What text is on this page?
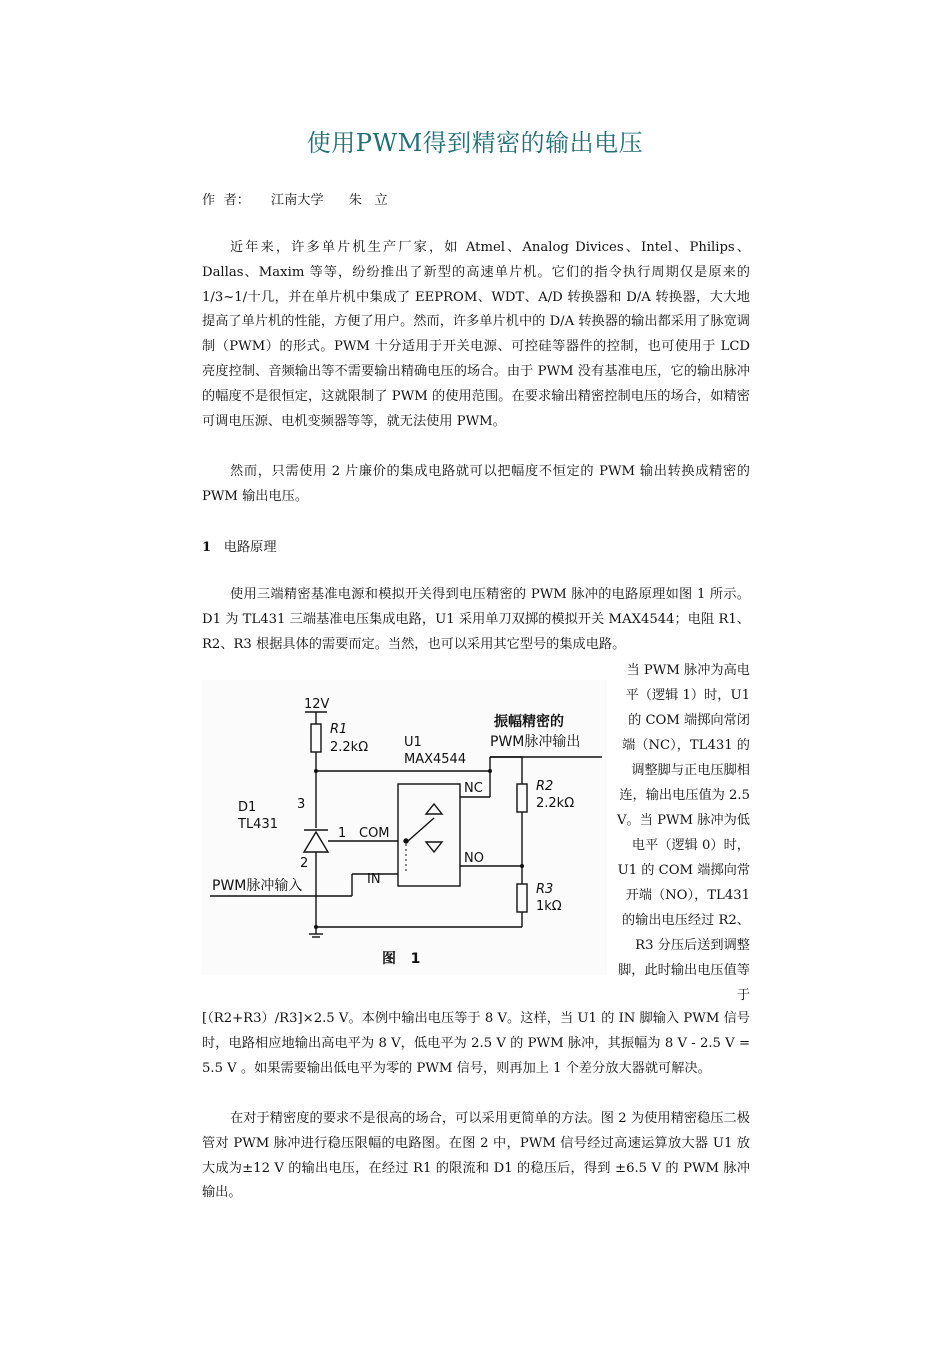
使用PWM得到精密的输出电压
作  者：     江南大学      朱   立

近年来，许多单片机生产厂家，如 Atmel、Analog Divices、Intel、Philips、Dallas、Maxim 等等，纷纷推出了新型的高速单片机。它们的指令执行周期仅是原来的 1/3~1/十几，并在单片机中集成了 EEPROM、WDT、A/D 转换器和 D/A 转换器，大大地提高了单片机的性能，方便了用户。然而，许多单片机中的 D/A 转换器的输出都采用了脉宽调制（PWM）的形式。PWM 十分适用于开关电源、可控硅等器件的控制，也可使用于 LCD 亮度控制、音频输出等不需要输出精确电压的场合。由于 PWM 没有基准电压，它的输出脉冲的幅度不是很恒定，这就限制了 PWM 的使用范围。在要求输出精密控制电压的场合，如精密可调电压源、电机变频器等等，就无法使用 PWM。

然而，只需使用 2 片廉价的集成电路就可以把幅度不恒定的 PWM 输出转换成精密的 PWM 输出电压。

1 电路原理

使用三端精密基准电源和模拟开关得到电压精密的 PWM 脉冲的电路原理如图 1 所示。D1 为 TL431 三端基准电压集成电路，U1 采用单刀双掷的模拟开关 MAX4544；电阻 R1、R2、R3 根据具体的需要而定。当然，也可以采用其它型号的集成电路。

当 PWM 脉冲为高电平（逻辑 1）时，U1 的 COM 端掷向常闭端（NC），TL431 的调整脚与正电压脚相连，输出电压值为 2.5 V。当 PWM 脉冲为低电平（逻辑 0）时，U1 的 COM 端掷向常开端（NO），TL431 的输出电压经过 R2、R3 分压后送到调整脚，此时输出电压值等于

12V
R1
2.2kΩ	U1
MAX4544
振幅精密的
PWM脉冲输出
R2
2.2kΩ
R3
1kΩ
D1
TL431
3
1
2
NC
COM
NO
IN
PWM脉冲输入
图   1

[（R2+R3）/R3]×2.5 V。本例中输出电压等于 8 V。这样，当 U1 的 IN 脚输入 PWM 信号时，电路相应地输出高电平为 8 V，低电平为 2.5 V 的 PWM 脉冲，其振幅为 8 V - 2.5 V = 5.5 V 。如果需要输出低电平为零的 PWM 信号，则再加上 1 个差分放大器就可解决。

在对于精密度的要求不是很高的场合，可以采用更简单的方法。图 2 为使用精密稳压二极管对 PWM 脉冲进行稳压限幅的电路图。在图 2 中，PWM 信号经过高速运算放大器 U1 放大成为±12 V 的输出电压，在经过 R1 的限流和 D1 的稳压后，得到 ±6.5 V 的 PWM 脉冲输出。
